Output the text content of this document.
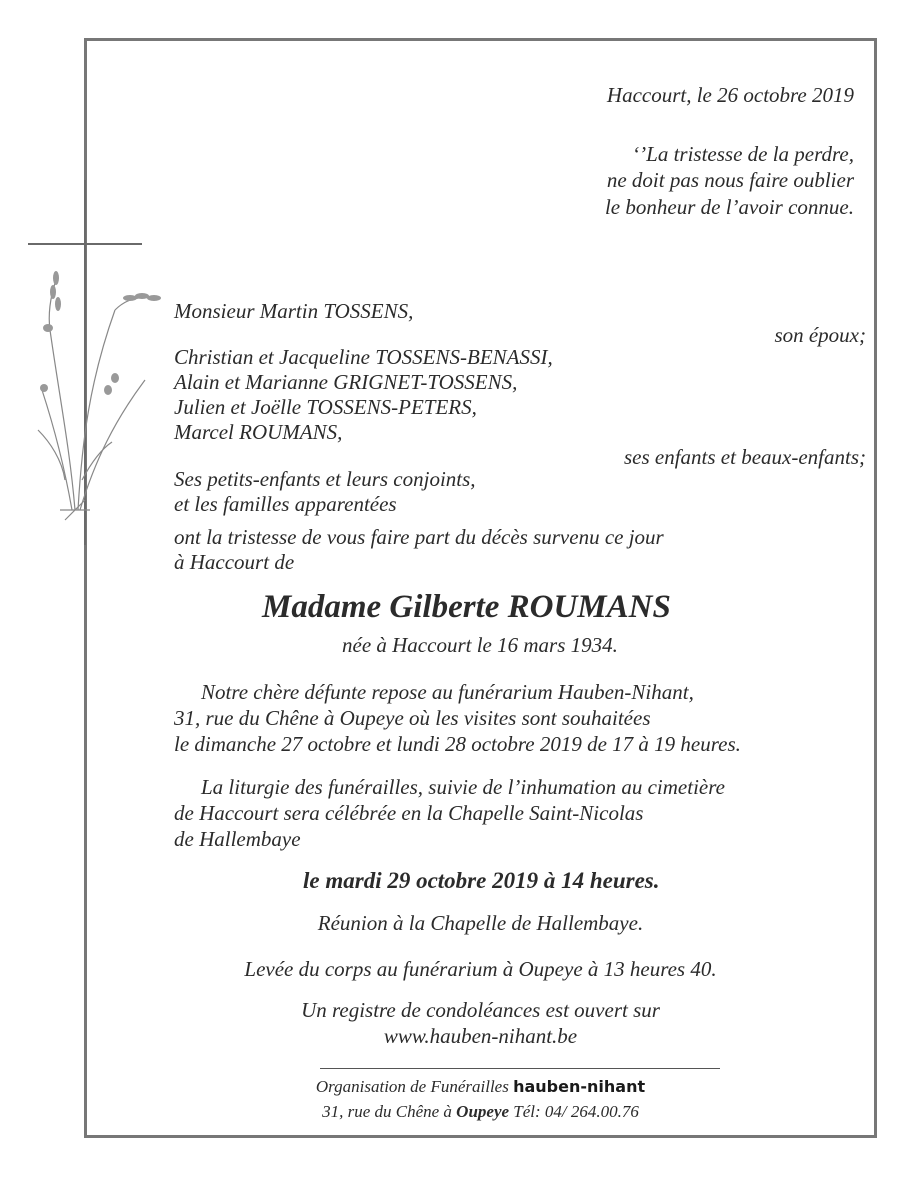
Haccourt, le 26 octobre 2019
‘’La tristesse de la perdre,
ne doit pas nous faire oublier
le bonheur de l’avoir connue.
Monsieur Martin TOSSENS,
son époux;
Christian et Jacqueline TOSSENS-BENASSI,
Alain et Marianne GRIGNET-TOSSENS,
Julien et Joëlle TOSSENS-PETERS,
Marcel ROUMANS,
ses enfants et beaux-enfants;
Ses petits-enfants et leurs conjoints,
et les familles apparentées
ont la tristesse de vous faire part du décès survenu ce jour
à Haccourt de
Madame Gilberte ROUMANS
née à Haccourt le 16 mars 1934.
Notre chère défunte repose au funérarium Hauben-Nihant,
31, rue du Chêne à Oupeye où les visites sont souhaitées
le dimanche 27 octobre et lundi 28 octobre 2019 de 17 à 19 heures.
La liturgie des funérailles, suivie de l’inhumation au cimetière
de Haccourt sera célébrée en la Chapelle Saint-Nicolas
de Hallembaye
le mardi 29 octobre 2019 à 14 heures.
Réunion à la Chapelle de Hallembaye.
Levée du corps au funérarium à Oupeye à 13 heures 40.
Un registre de condoléances est ouvert sur
www.hauben-nihant.be
Organisation de Funérailles hauben-nihant
31, rue du Chêne à Oupeye Tél: 04/ 264.00.76
